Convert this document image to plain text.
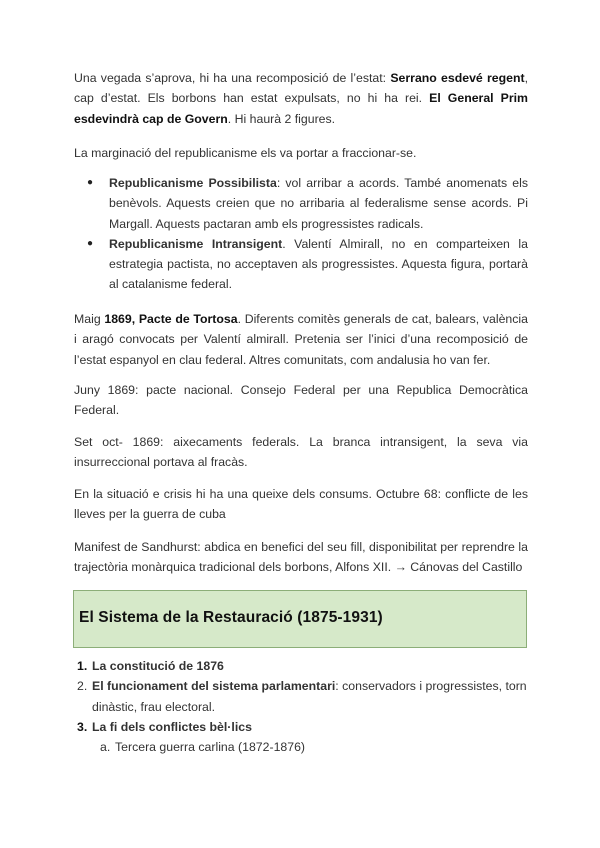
Una vegada s’aprova, hi ha una recomposició de l’estat: Serrano esdevé regent, cap d’estat. Els borbons han estat expulsats, no hi ha rei. El General Prim esdevindrà cap de Govern. Hi haurà 2 figures.

La marginació del republicanisme els va portar a fraccionar-se.

● Republicanisme Possibilista: vol arribar a acords. També anomenats els benèvols. Aquests creien que no arribaria al federalisme sense acords. Pi Margall. Aquests pactaran amb els progressistes radicals.
● Republicanisme Intransigent. Valentí Almirall, no en comparteixen la estrategia pactista, no acceptaven als progressistes. Aquesta figura, portarà al catalanisme federal.

Maig 1869, Pacte de Tortosa. Diferents comitès generals de cat, balears, valència i aragó convocats per Valentí almirall. Pretenia ser l’inici d’una recomposició de l’estat espanyol en clau federal. Altres comunitats, com andalusia ho van fer.

Juny 1869: pacte nacional. Consejo Federal per una Republica Democràtica Federal.

Set oct- 1869: aixecaments federals. La branca intransigent, la seva via insurreccional portava al fracàs.

En la situació e crisis hi ha una queixe dels consums. Octubre 68: conflicte de les lleves per la guerra de cuba

Manifest de Sandhurst: abdica en benefici del seu fill, disponibilitat per reprendre la trajectòria monàrquica tradicional dels borbons, Alfons XII. → Cánovas del Castillo

El Sistema de la Restauració (1875-1931)
1. La constitució de 1876
2. El funcionament del sistema parlamentari: conservadors i progressistes, torn dinàstic, frau electoral.
3. La fi dels conflictes bèl·lics
a. Tercera guerra carlina (1872-1876)
